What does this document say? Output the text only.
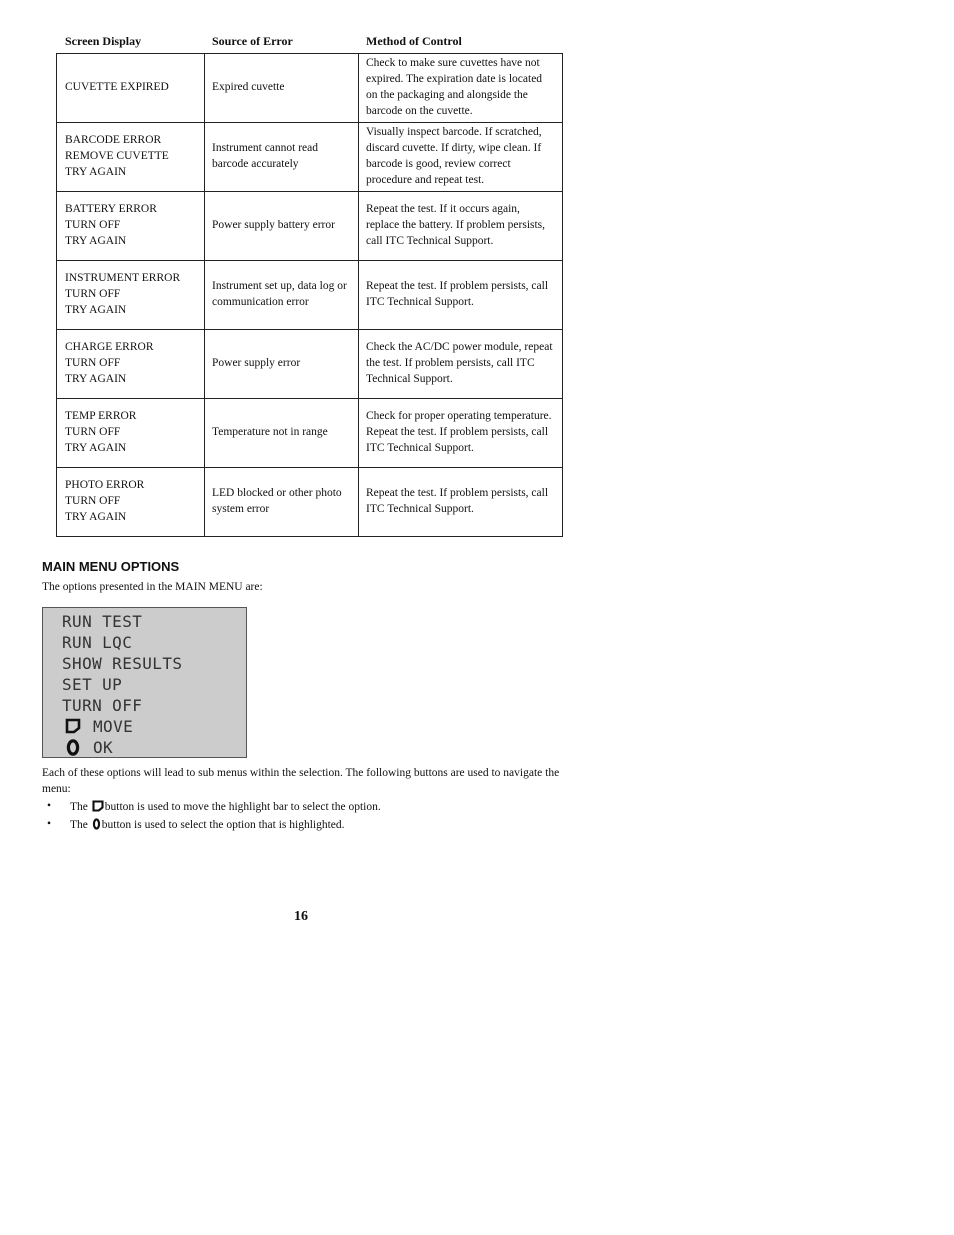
Screen Display	Source of Error	Method of Control
CUVETTE EXPIRED	Expired cuvette	Check to make sure cuvettes have not expired. The expiration date is located on the packaging and alongside the barcode on the cuvette.

BARCODE ERROR
REMOVE CUVETTE
TRY AGAIN	Instrument cannot read barcode accurately	Visually inspect barcode. If scratched, discard cuvette. If dirty, wipe clean. If barcode is good, review correct procedure and repeat test.

BATTERY ERROR
TURN OFF
TRY AGAIN	Power supply battery error	Repeat the test. If it occurs again, replace the battery. If problem persists, call ITC Technical Support.

INSTRUMENT ERROR
TURN OFF
TRY AGAIN	Instrument set up, data log or communication error	Repeat the test. If problem persists, call ITC Technical Support.

CHARGE ERROR
TURN OFF
TRY AGAIN	Power supply error	Check the AC/DC power module, repeat the test. If problem persists, call ITC Technical Support.

TEMP ERROR
TURN OFF
TRY AGAIN	Temperature not in range	Check for proper operating temperature. Repeat the test. If problem persists, call ITC Technical Support.

PHOTO ERROR
TURN OFF
TRY AGAIN	LED blocked or other photo system error	Repeat the test. If problem persists, call ITC Technical Support.
MAIN MENU OPTIONS
The options presented in the MAIN MENU are:
RUN TEST
RUN LQC
SHOW RESULTS
SET UP
TURN OFF
MOVE
OK

Each of these options will lead to sub menus within the selection. The following buttons are used to navigate the menu:

• The button is used to move the highlight bar to select the option.
• The button is used to select the option that is highlighted.
16
